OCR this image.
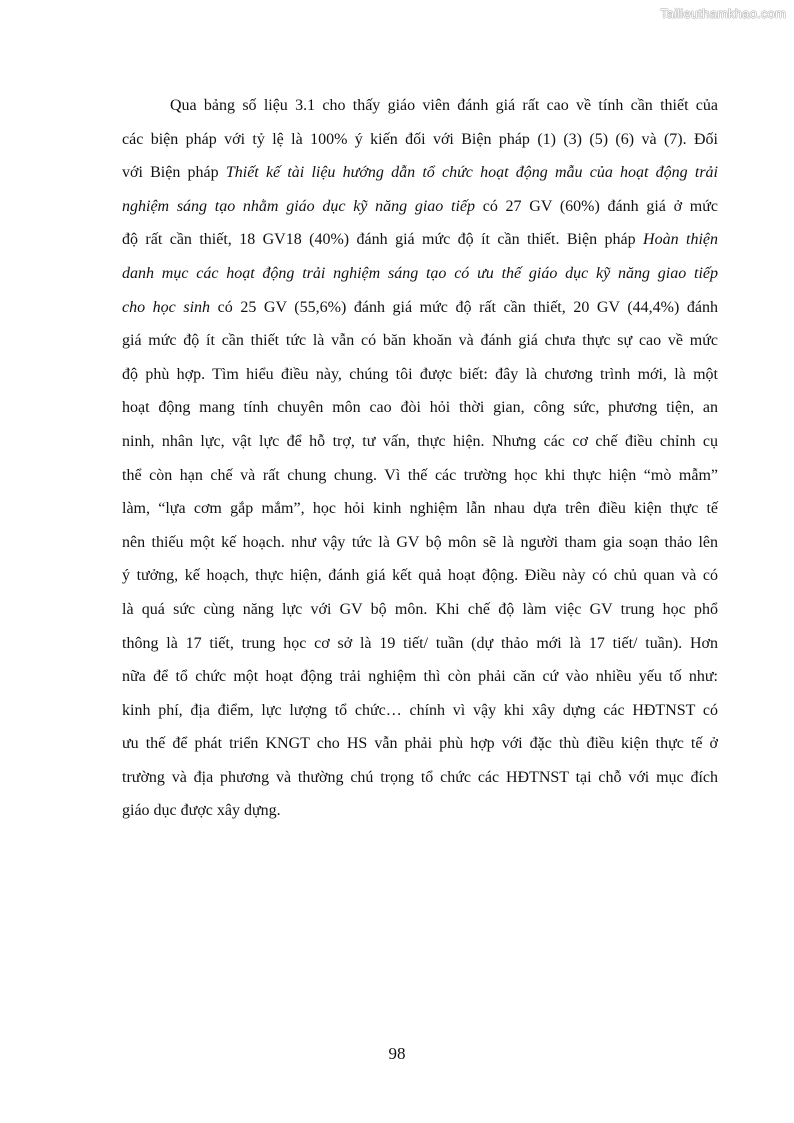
Tailieuthamkhao.com
Qua bảng số liệu 3.1 cho thấy giáo viên đánh giá rất cao về tính cần thiết của
các biện pháp với tỷ lệ là 100% ý kiến đối với Biện pháp (1) (3) (5) (6) và (7). Đối
với Biện pháp Thiết kế tài liệu hướng dẫn tổ chức hoạt động mẫu của hoạt động trải
nghiệm sáng tạo nhằm giáo dục kỹ năng giao tiếp có 27 GV (60%) đánh giá ở mức
độ rất cần thiết, 18 GV18 (40%) đánh giá mức độ ít cần thiết. Biện pháp Hoàn thiện
danh mục các hoạt động trải nghiệm sáng tạo có ưu thế giáo dục kỹ năng giao tiếp
cho học sinh có 25 GV (55,6%) đánh giá mức độ rất cần thiết, 20 GV (44,4%) đánh
giá mức độ ít cần thiết tức là vẫn có băn khoăn và đánh giá chưa thực sự cao về mức
độ phù hợp. Tìm hiểu điều này, chúng tôi được biết: đây là chương trình mới, là một
hoạt động mang tính chuyên môn cao đòi hỏi thời gian, công sức, phương tiện, an
ninh, nhân lực, vật lực để hỗ trợ, tư vấn, thực hiện. Nhưng các cơ chế điều chỉnh cụ
thể còn hạn chế và rất chung chung. Vì thế các trường học khi thực hiện “mò mẫm”
làm, “lựa cơm gắp mắm”, học hỏi kinh nghiệm lẫn nhau dựa trên điều kiện thực tế
nên thiếu một kế hoạch. như vậy tức là GV bộ môn sẽ là người tham gia soạn thảo lên
ý tưởng, kế hoạch, thực hiện, đánh giá kết quả hoạt động. Điều này có chủ quan và có
là quá sức cùng năng lực với GV bộ môn. Khi chế độ làm việc GV trung học phổ
thông là 17 tiết, trung học cơ sở là 19 tiết/ tuần (dự thảo mới là 17 tiết/ tuần). Hơn
nữa để tổ chức một hoạt động trải nghiệm thì còn phải căn cứ vào nhiều yếu tố như:
kinh phí, địa điểm, lực lượng tổ chức… chính vì vậy khi xây dựng các HĐTNST có
ưu thế để phát triển KNGT cho HS vẫn phải phù hợp với đặc thù điều kiện thực tế ở
trường và địa phương và thường chú trọng tổ chức các HĐTNST tại chỗ với mục đích
giáo dục được xây dựng.
98
